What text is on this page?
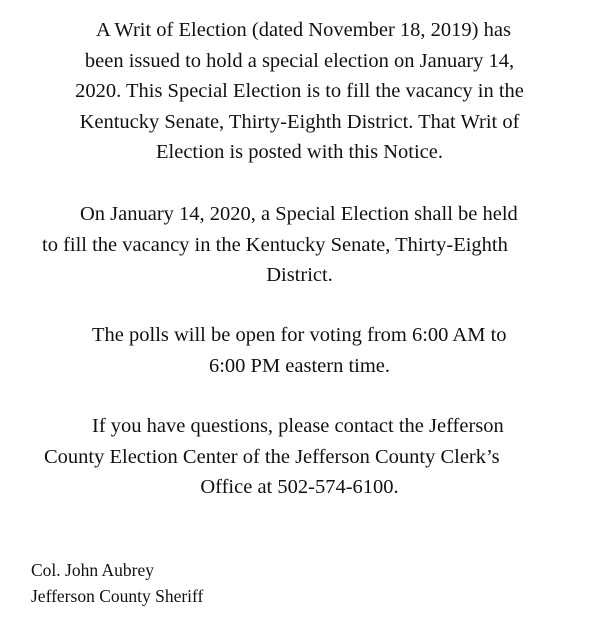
A Writ of Election (dated November 18, 2019) has
been issued to hold a special election on January 14,
2020. This Special Election is to fill the vacancy in the
Kentucky Senate, Thirty-Eighth District. That Writ of
Election is posted with this Notice.

On January 14, 2020, a Special Election shall be held
to fill the vacancy in the Kentucky Senate, Thirty-Eighth
District.

The polls will be open for voting from 6:00 AM to
6:00 PM eastern time.

If you have questions, please contact the Jefferson
County Election Center of the Jefferson County Clerk’s
Office at 502-574-6100.

Col. John Aubrey

Jefferson County Sheriff
